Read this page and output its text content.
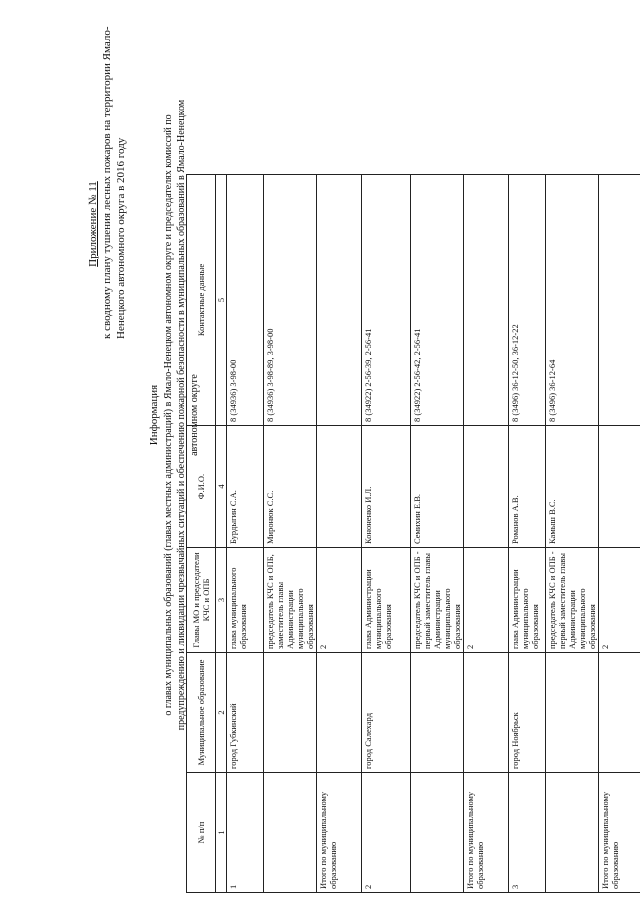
Приложение № 11 к сводному плану тушения лесных пожаров на территории Ямало- Ненецкого автономного округа в 2016 году
Информация о главах муниципальных образований (главах местных администраций) в Ямало-Ненецком автономном округе и председателях комиссий по предупреждению и ликвидации чрезвычайных ситуаций и обеспечению пожарной безопасности в муниципальных образований в Ямало-Ненецком автономном округе
№ п/п	Муниципальное образование	Главы МО и председатели КЧС и ОПБ	Ф.И.О.	Контактные данные
1	2	3	4	5
1	город Губкинский	глава муниципального образования	Бурдыгин С.А.	8 (34936) 3-98-00
		председатель КЧС и ОПБ, заместитель главы Администрации муниципального образования	Миронюк С.С.	8 (34936) 3-98-89, 3-98-00
Итого по муниципальному образованию		2		
2	город Салехард	глава Администрации муниципального образования	Кононенко И.Л.	8 (34922) 2-56-39, 2-56-41
		председатель КЧС и ОПБ - первый заместитель главы Администрации муниципального образования	Семихин Е.В.	8 (34922) 2-56-42, 2-56-41
Итого по муниципальному образованию		2		
3	город Ноябрьск	глава Администрации муниципального образования	Романов А.В.	8 (3496) 36-12-50, 36-12-22
		председатель КЧС и ОПБ - первый заместитель главы Администрации муниципального образования	Камыш В.С.	8 (3496) 36-12-64
Итого по муниципальному образованию		2		
